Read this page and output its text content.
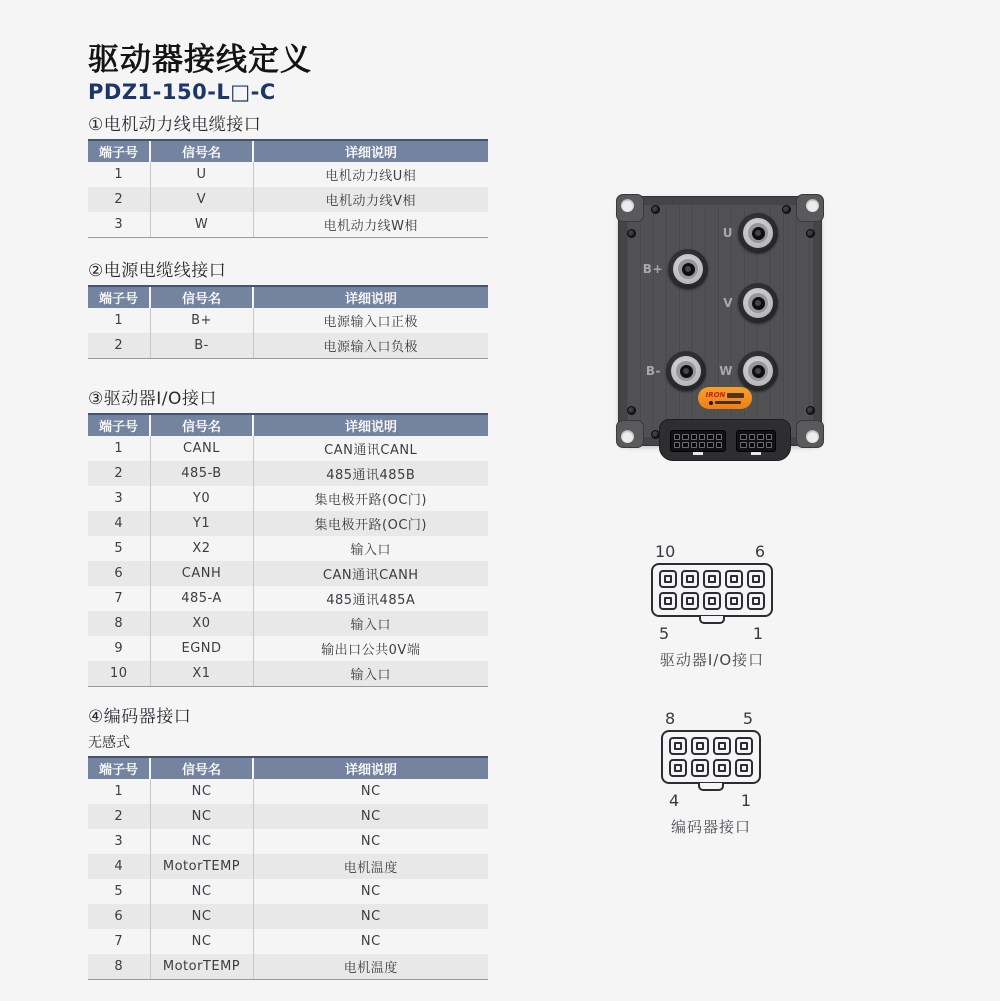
驱动器接线定义
PDZ1-150-L□-C
①电机动力线电缆接口
端子号	信号名	详细说明
1	U	电机动力线U相
2	V	电机动力线V相
3	W	电机动力线W相
②电源电缆线接口
端子号	信号名	详细说明
1	B+	电源输入口正极
2	B-	电源输入口负极
③驱动器I/O接口
端子号	信号名	详细说明
1	CANL	CAN通讯CANL
2	485-B	485通讯485B
3	Y0	集电极开路(OC门)
4	Y1	集电极开路(OC门)
5	X2	输入口
6	CANH	CAN通讯CANH
7	485-A	485通讯485A
8	X0	输入口
9	EGND	输出口公共0V端
10	X1	输入口
④编码器接口
无感式
端子号	信号名	详细说明
1	NC	NC
2	NC	NC
3	NC	NC
4	MotorTEMP	电机温度
5	NC	NC
6	NC	NC
7	NC	NC
8	MotorTEMP	电机温度
U
B+
V
B-	W
IRON
10	6
5	1
驱动器I/O接口
8	5
4	1
编码器接口
